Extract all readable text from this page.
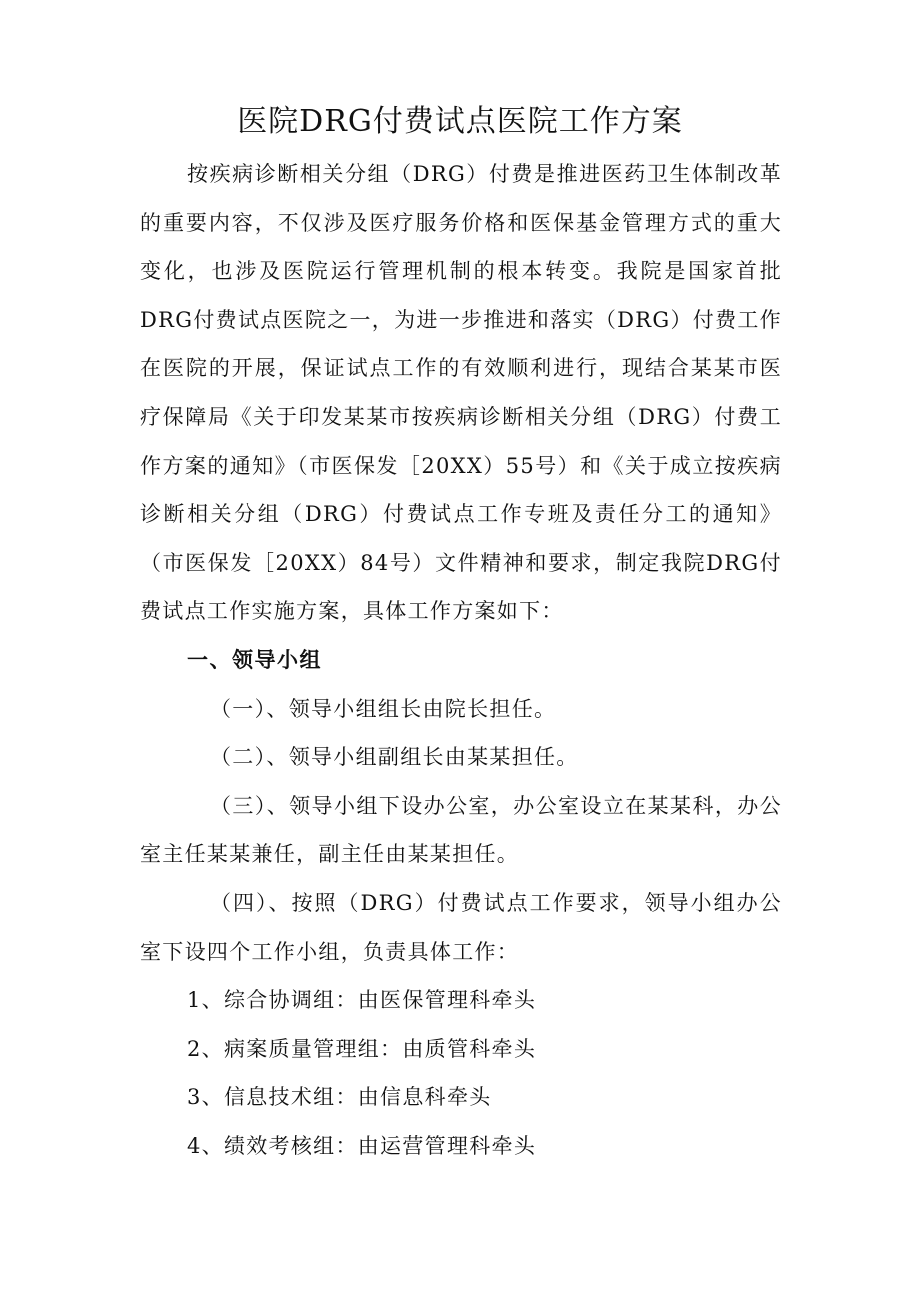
医院DRG付费试点医院工作方案

按疾病诊断相关分组（DRG）付费是推进医药卫生体制改革的重要内容，不仅涉及医疗服务价格和医保基金管理方式的重大变化，也涉及医院运行管理机制的根本转变。我院是国家首批DRG付费试点医院之一，为进一步推进和落实（DRG）付费工作在医院的开展，保证试点工作的有效顺利进行，现结合某某市医疗保障局《关于印发某某市按疾病诊断相关分组（DRG）付费工作方案的通知》（市医保发［20XX）55号）和《关于成立按疾病诊断相关分组（DRG）付费试点工作专班及责任分工的通知》（市医保发［20XX）84号）文件精神和要求，制定我院DRG付费试点工作实施方案，具体工作方案如下：

一、领导小组

（一）、领导小组组长由院长担任。

（二）、领导小组副组长由某某担任。

（三）、领导小组下设办公室，办公室设立在某某科，办公室主任某某兼任，副主任由某某担任。

（四）、按照（DRG）付费试点工作要求，领导小组办公室下设四个工作小组，负责具体工作：

1、综合协调组：由医保管理科牵头

2、病案质量管理组：由质管科牵头

3、信息技术组：由信息科牵头

4、绩效考核组：由运营管理科牵头
